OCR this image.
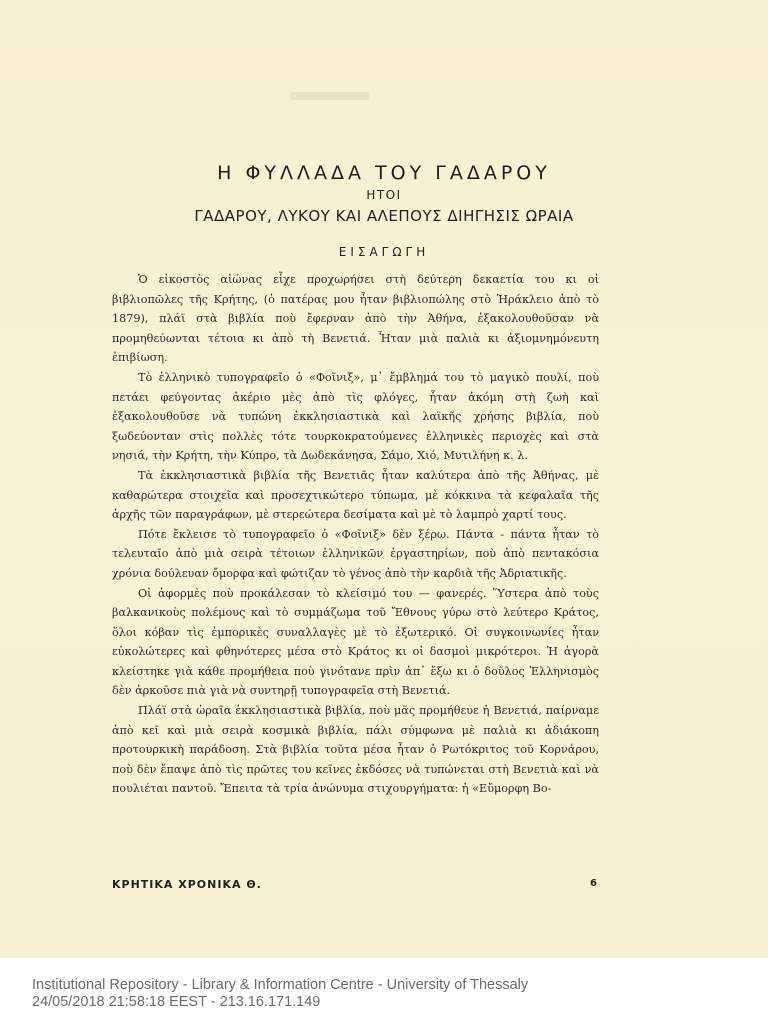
Η ΦΥΛΛΑΔΑ ΤΟΥ ΓΑΔΑΡΟΥ
ΗΤΟΙ
ΓΑΔΑΡΟΥ, ΛΥΚΟΥ ΚΑΙ ΑΛΕΠΟΥΣ ΔΙΗΓΗΣΙΣ ΩΡΑΙΑ
ΕΙΣΑΓΩΓΗ

Ὁ εἰκοστὸς αἰώνας εἶχε προχωρήσει στὴ δεύτερη δεκαετία του κι οἱ βιβλιοπῶλες τῆς Κρήτης, (ὁ πατέρας μου ἦταν βιβλιοπώλης στὸ Ἡράκλειο ἀπὸ τὸ 1879), πλάϊ στὰ βιβλία ποὺ ἔφερναν ἀπὸ τὴν Ἀθήνα, ἐξακολουθοῦσαν νὰ προμηθεύωνται τέτοια κι ἀπὸ τὴ Βενετιά. Ἦταν μιὰ παλιὰ κι ἀξιομνημόνευτη ἐπιβίωση.

Τὸ ἑλληνικὸ τυπογραφεῖο ὁ «Φοῖνιξ», μ᾽ ἔμβλημά του τὸ μαγικὸ πουλί, ποὺ πετάει φεύγοντας ἀκέριο μὲς ἀπὸ τὶς φλόγες, ἦταν ἀκόμη στὴ ζωὴ καὶ ἐξακολουθοῦσε νὰ τυπώνη ἐκκλησιαστικὰ καὶ λαϊκῆς χρήσης βιβλία, ποὺ ξωδεύονταν στὶς πολλὲς τότε τουρκοκρατούμενες ἑλληνικὲς περιοχὲς καὶ στὰ νησιά, τὴν Κρήτη, τὴν Κύπρο, τὰ Δωδεκάνησα, Σάμο, Χιό, Μυτιλήνη κ. λ.

Τὰ ἐκκλησιαστικὰ βιβλία τῆς Βενετιᾶς ἦταν καλύτερα ἀπὸ τῆς Ἀθήνας, μὲ καθαρώτερα στοιχεῖα καὶ προσεχτικώτερο τύπωμα, μὲ κόκκινα τὰ κεφαλαῖα τῆς ἀρχῆς τῶν παραγράφων, μὲ στερεώτερα δεσίματα καὶ μὲ τὸ λαμπρὸ χαρτί τους.

Πότε ἔκλεισε τὸ τυπογραφεῖο ὁ «Φοῖνιξ» δὲν ξέρω. Πάντα - πάντα ἦταν τὸ τελευταῖο ἀπὸ μιὰ σειρὰ τέτοιων ἑλληνικῶν ἐργαστηρίων, ποὺ ἀπὸ πεντακόσια χρόνια δούλευαν ὄμορφα καὶ φώτιζαν τὸ γένος ἀπὸ τὴν καρδιὰ τῆς Ἀδριατικῆς.

Οἱ ἀφορμὲς ποὺ προκάλεσαν τὸ κλείσιμό του — φανερές. Ὕστερα ἀπὸ τοὺς βαλκανικοὺς πολέμους καὶ τὸ συμμάζωμα τοῦ Ἔθνους γύρω στὸ λεύτερο Κράτος, ὅλοι κόβαν τὶς ἐμπορικὲς συναλλαγὲς μὲ τὸ ἐξωτερικό. Οἱ συγκοινωνίες ἦταν εὐκολώτερες καὶ φθηνότερες μέσα στὸ Κράτος κι οἱ δασμοὶ μικρότεροι. Ἡ ἀγορὰ κλείστηκε γιὰ κάθε προμήθεια ποὺ γινότανε πρὶν ἀπ᾽ ἔξω κι ὁ δοῦλος Ἑλληνισμὸς δὲν ἀρκοῦσε πιὰ γιὰ νὰ συντηρῇ τυπογραφεῖα στὴ Βενετιά.

Πλάϊ στὰ ὡραῖα ἐκκλησιαστικὰ βιβλία, ποὺ μᾶς προμήθευε ἡ Βενετιά, παίρναμε ἀπὸ κεῖ καὶ μιὰ σειρὰ κοσμικὰ βιβλία, πάλι σύμφωνα μὲ παλιὰ κι ἀδιάκοπη προτουρκικὴ παράδοση. Στὰ βιβλία τοῦτα μέσα ἦταν ὁ Ρωτόκριτος τοῦ Κορνάρου, ποὺ δὲν ἔπαψε ἀπὸ τὶς πρῶτες του κεῖνες ἐκδόσες νὰ τυπώνεται στὴ Βενετιὰ καὶ νὰ πουλιέται παντοῦ. Ἔπειτα τὰ τρία ἀνώνυμα στιχουργήματα: ἡ «Εὔμορφη Βο-

ΚΡΗΤΙΚΑ ΧΡΟΝΙΚΑ Θ.	6
Institutional Repository - Library & Information Centre - University of Thessaly
24/05/2018 21:58:18 EEST - 213.16.171.149
